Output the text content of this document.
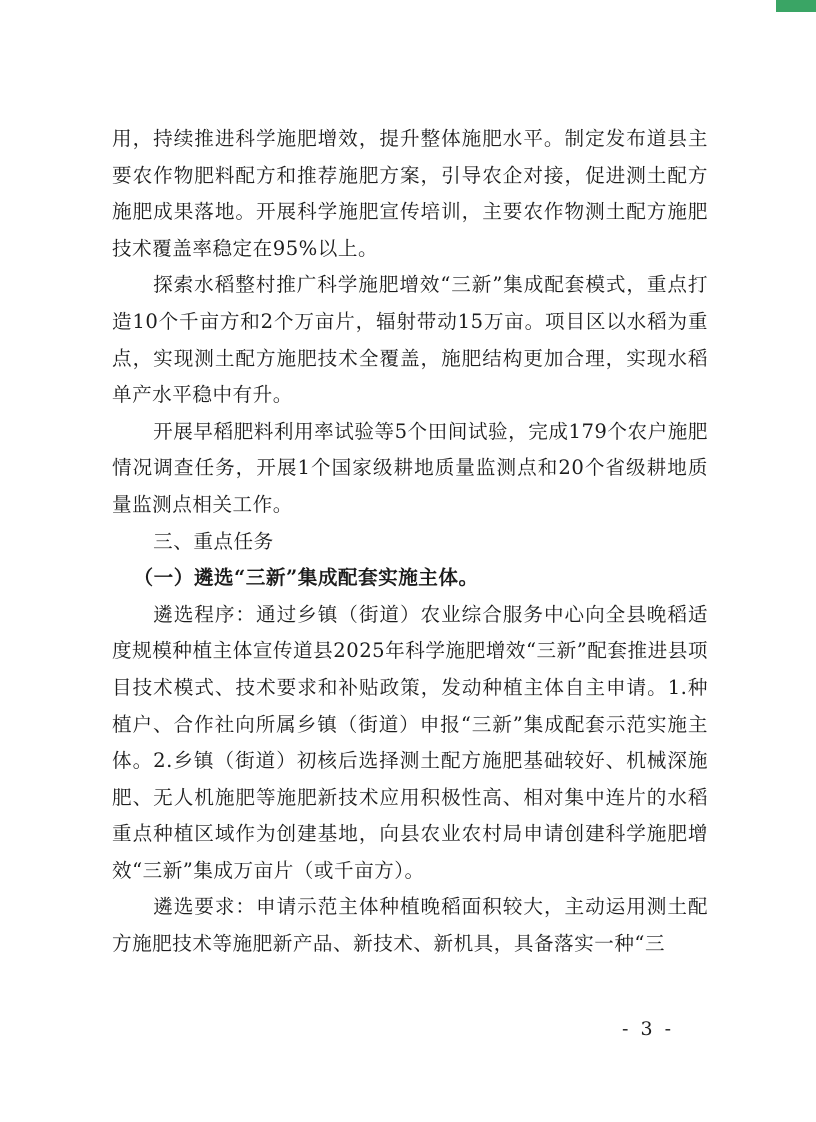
用，持续推进科学施肥增效，提升整体施肥水平。制定发布道县主要农作物肥料配方和推荐施肥方案，引导农企对接，促进测土配方施肥成果落地。开展科学施肥宣传培训，主要农作物测土配方施肥技术覆盖率稳定在95%以上。

探索水稻整村推广科学施肥增效“三新”集成配套模式，重点打造10个千亩方和2个万亩片，辐射带动15万亩。项目区以水稻为重点，实现测土配方施肥技术全覆盖，施肥结构更加合理，实现水稻单产水平稳中有升。

开展早稻肥料利用率试验等5个田间试验，完成179个农户施肥情况调查任务，开展1个国家级耕地质量监测点和20个省级耕地质量监测点相关工作。

三、重点任务

（一）遴选“三新”集成配套实施主体。

遴选程序：通过乡镇（街道）农业综合服务中心向全县晚稻适度规模种植主体宣传道县2025年科学施肥增效“三新”配套推进县项目技术模式、技术要求和补贴政策，发动种植主体自主申请。1.种植户、合作社向所属乡镇（街道）申报“三新”集成配套示范实施主体。2.乡镇（街道）初核后选择测土配方施肥基础较好、机械深施肥、无人机施肥等施肥新技术应用积极性高、相对集中连片的水稻重点种植区域作为创建基地，向县农业农村局申请创建科学施肥增效“三新”集成万亩片（或千亩方）。

遴选要求：申请示范主体种植晚稻面积较大，主动运用测土配方施肥技术等施肥新产品、新技术、新机具，具备落实一种“三

- 3 -
